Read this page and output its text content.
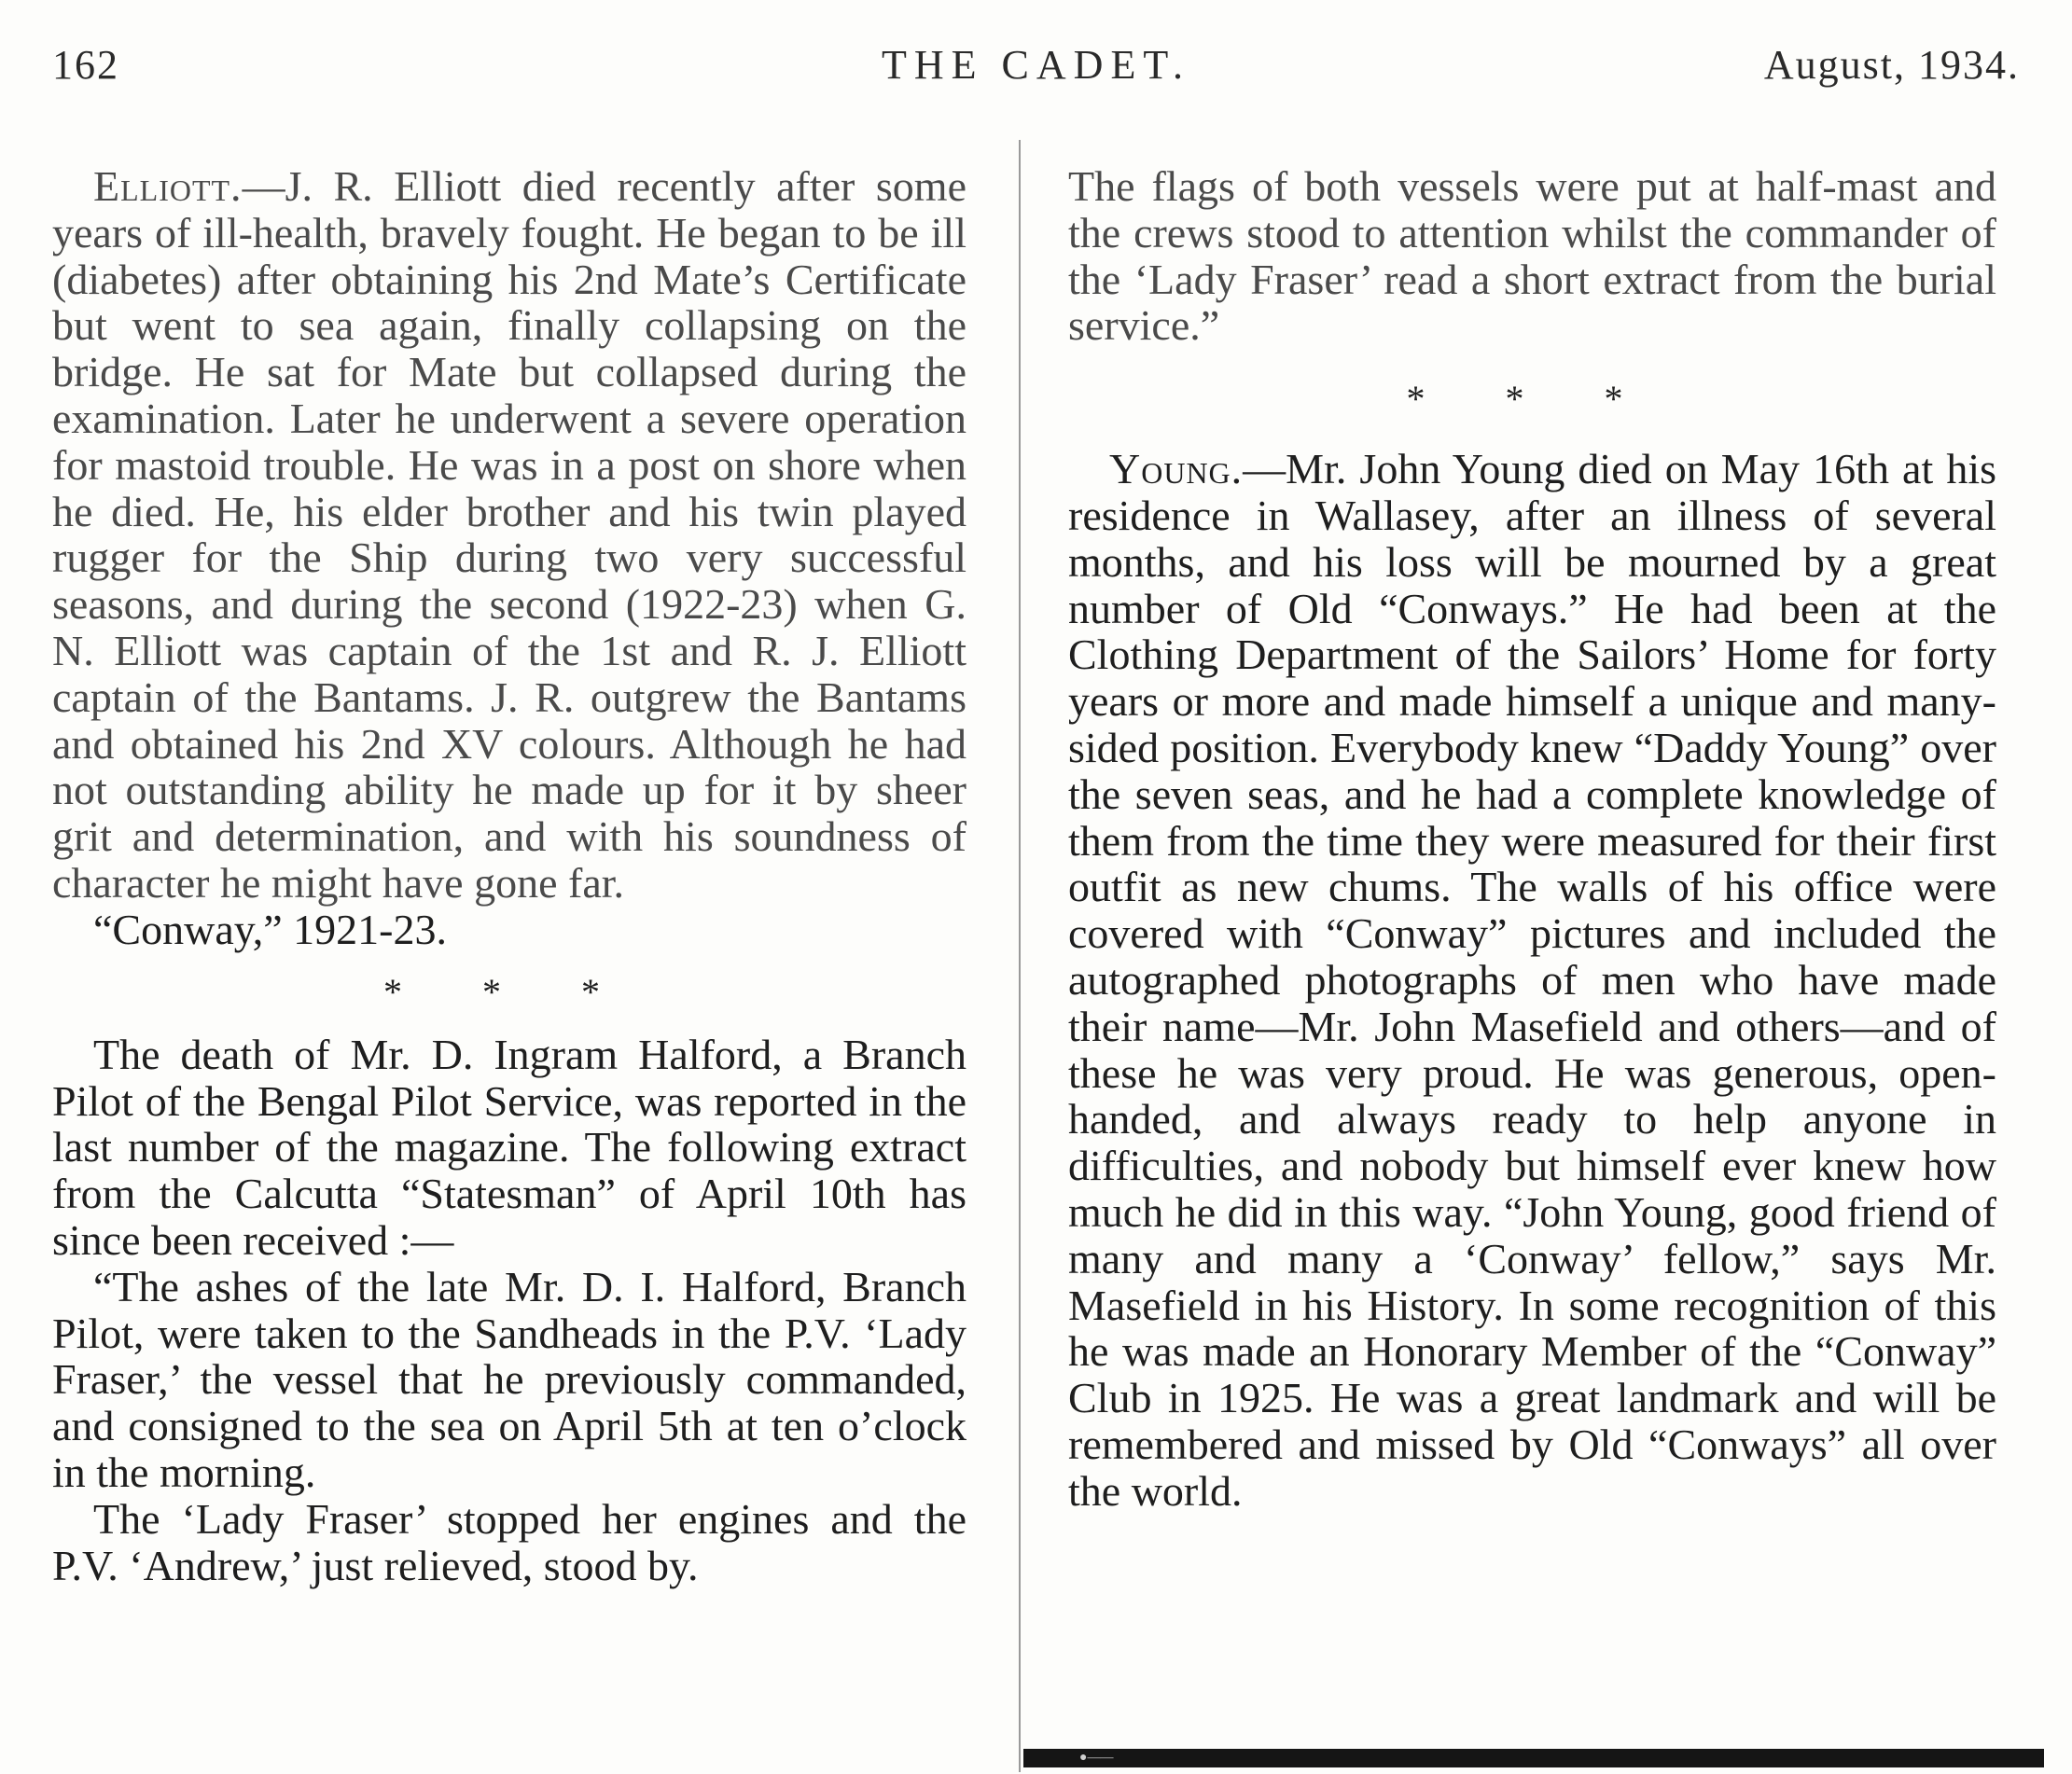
162	THE CADET.	August, 1934.

Elliott.—J. R. Elliott died recently after some years of ill-health, bravely fought. He began to be ill (diabetes) after obtaining his 2nd Mate’s Certificate but went to sea again, finally collapsing on the bridge. He sat for Mate but collapsed during the examination. Later he underwent a severe operation for mastoid trouble. He was in a post on shore when he died. He, his elder brother and his twin played rugger for the Ship during two very successful seasons, and during the second (1922-23) when G. N. Elliott was captain of the 1st and R. J. Elliott captain of the Bantams. J. R. outgrew the Bantams and obtained his 2nd XV colours. Although he had not outstanding ability he made up for it by sheer grit and determination, and with his soundness of character he might have gone far.

“Conway,” 1921-23.

* * *

The death of Mr. D. Ingram Halford, a Branch Pilot of the Bengal Pilot Service, was reported in the last number of the magazine. The following extract from the Calcutta “Statesman” of April 10th has since been received :—

“The ashes of the late Mr. D. I. Halford, Branch Pilot, were taken to the Sandheads in the P.V. ‘Lady Fraser,’ the vessel that he previously commanded, and consigned to the sea on April 5th at ten o’clock in the morning.

The ‘Lady Fraser’ stopped her engines and the P.V. ‘Andrew,’ just relieved, stood by.

The flags of both vessels were put at half-mast and the crews stood to attention whilst the commander of the ‘Lady Fraser’ read a short extract from the burial service.”

* * *

Young.—Mr. John Young died on May 16th at his residence in Wallasey, after an illness of several months, and his loss will be mourned by a great number of Old “Conways.” He had been at the Clothing Department of the Sailors’ Home for forty years or more and made himself a unique and many-sided position. Everybody knew “Daddy Young” over the seven seas, and he had a complete knowledge of them from the time they were measured for their first outfit as new chums. The walls of his office were covered with “Conway” pictures and included the autographed photographs of men who have made their name—Mr. John Masefield and others—and of these he was very proud. He was generous, open-handed, and always ready to help anyone in difficulties, and nobody but himself ever knew how much he did in this way. “John Young, good friend of many and many a ‘Conway’ fellow,” says Mr. Masefield in his History. In some recognition of this he was made an Honorary Member of the “Conway” Club in 1925. He was a great landmark and will be remembered and missed by Old “Conways” all over the world.

●——
